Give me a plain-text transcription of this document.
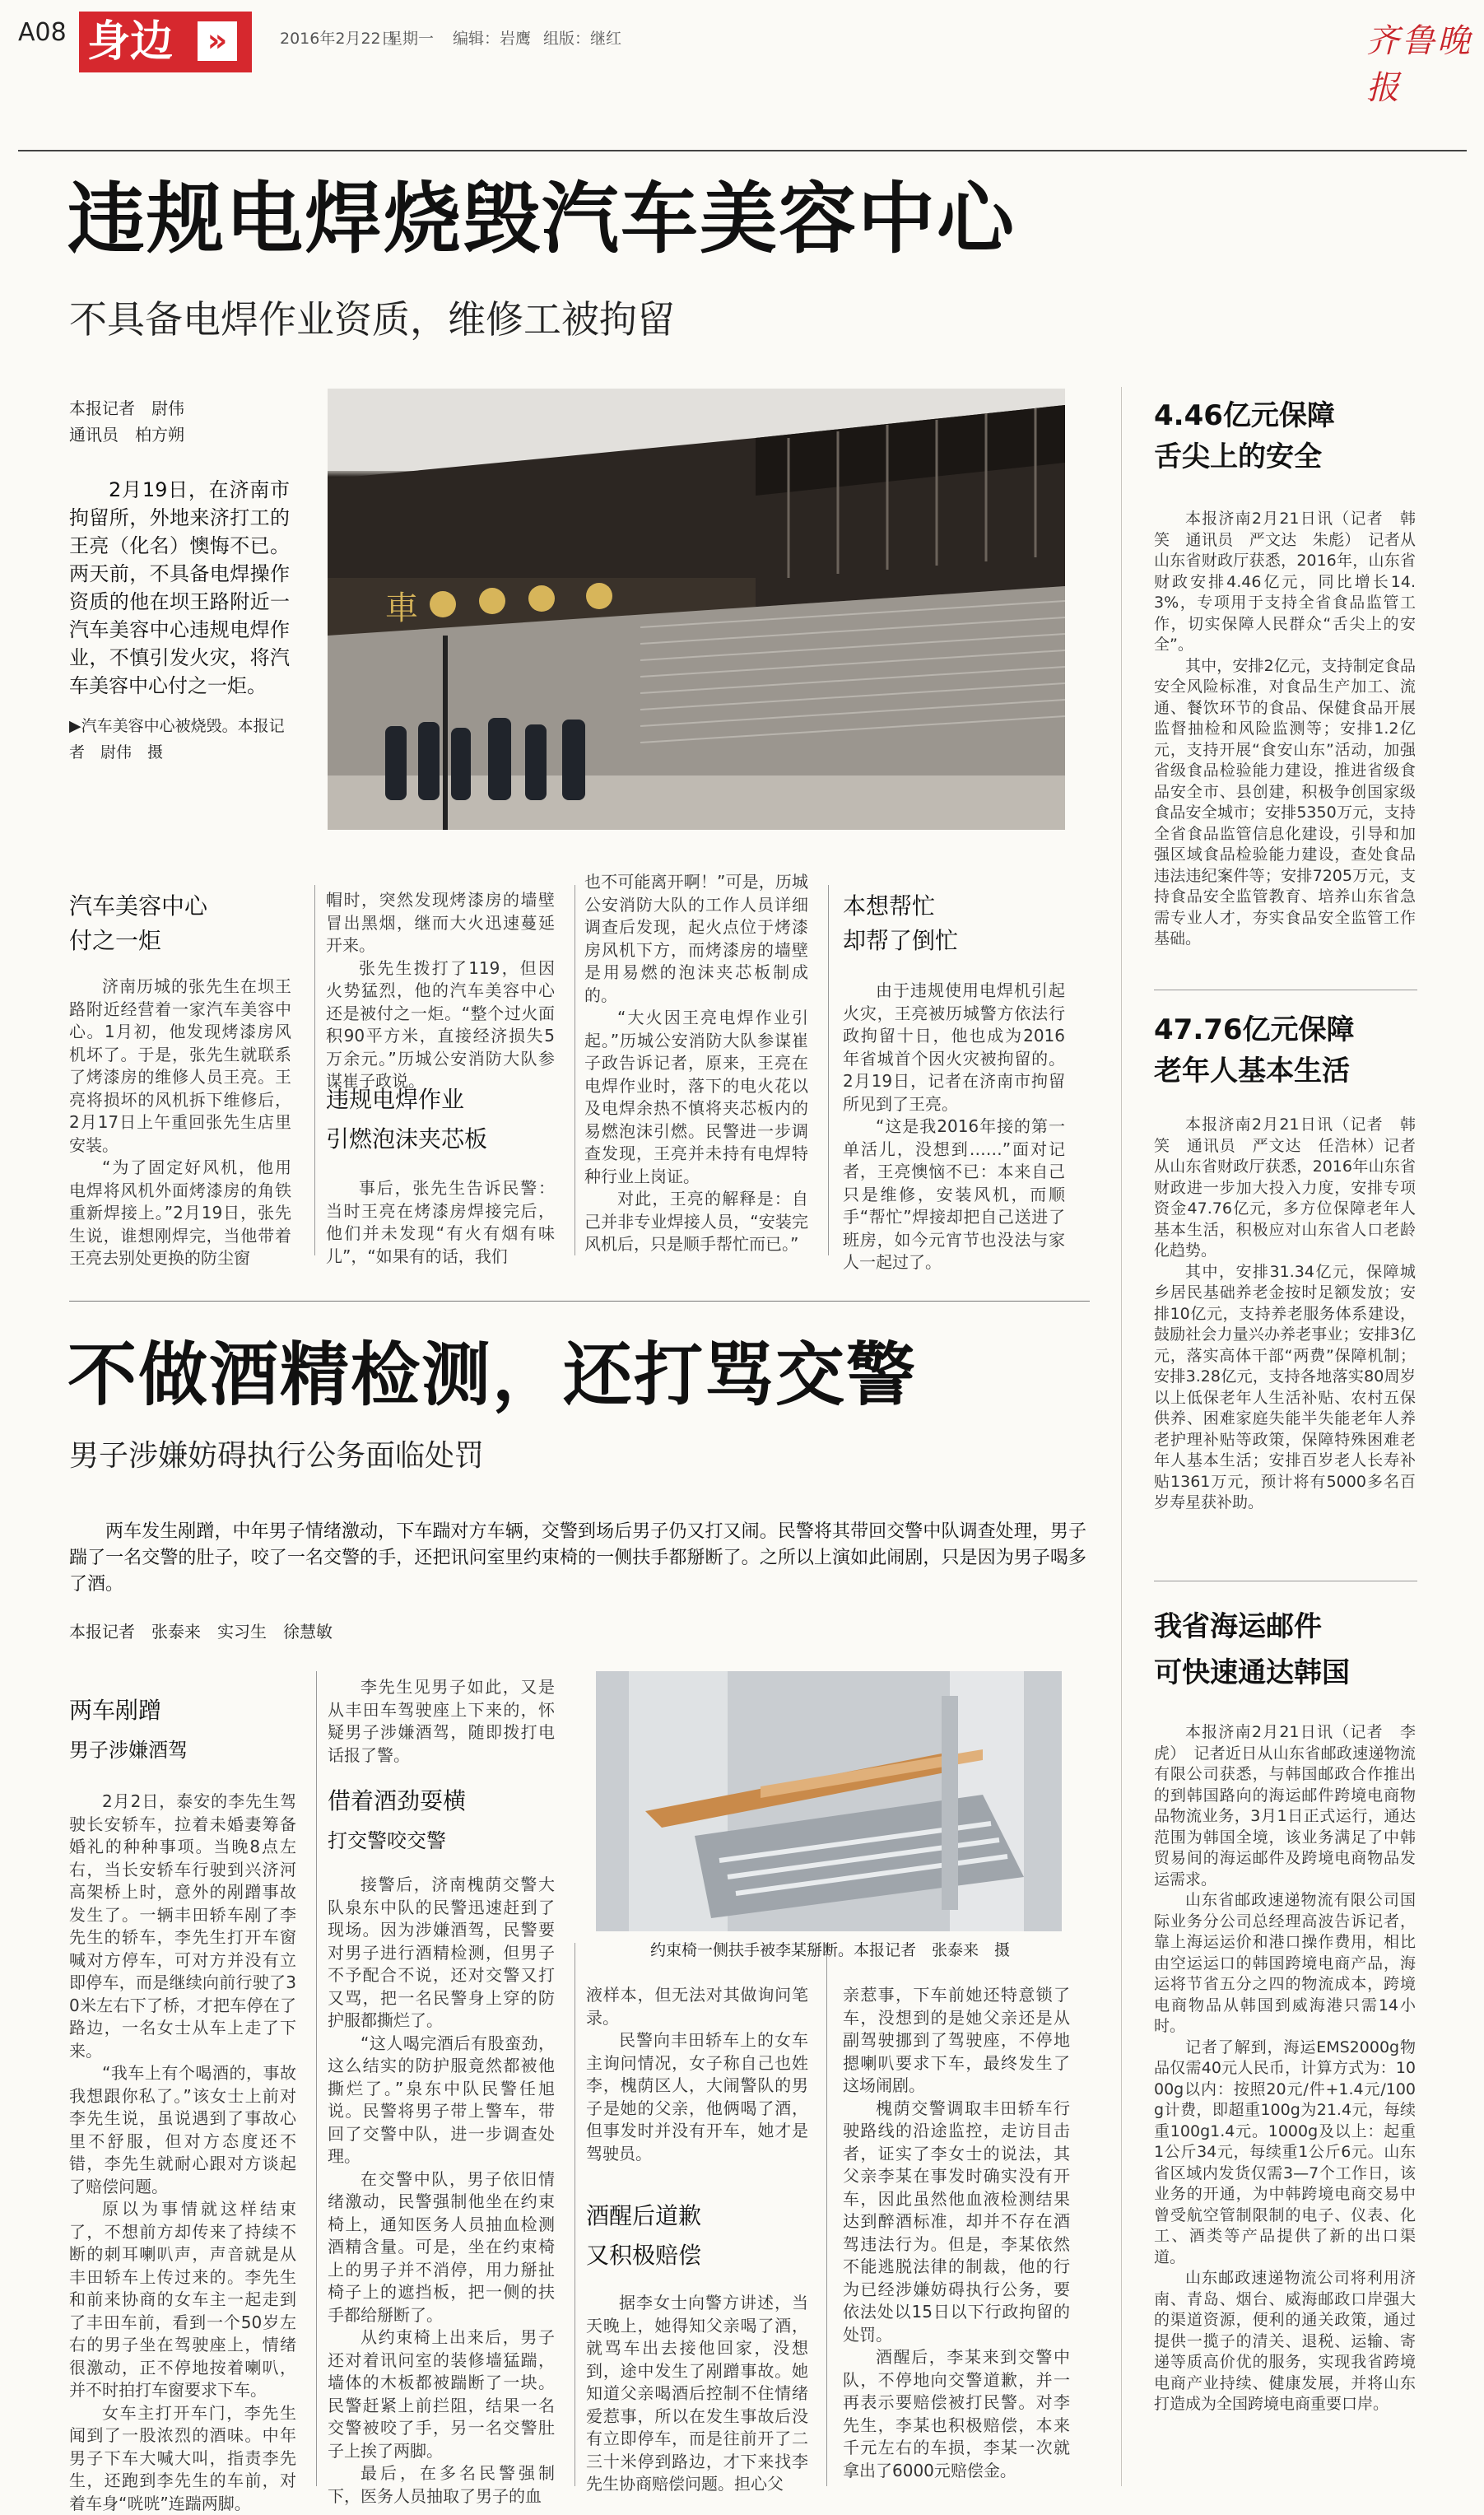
A08 身边	»	2016年2月22日
星期一 编辑：岩鹰 组版：继红	齐鲁晚报
违规电焊烧毁汽车美容中心
不具备电焊作业资质，维修工被拘留
本报记者　尉伟
通讯员　柏方朔

2月19日，在济南市拘留所，外地来济打工的王亮（化名）懊悔不已。两天前，不具备电焊操作资质的他在坝王路附近一汽车美容中心违规电焊作业，不慎引发火灾，将汽车美容中心付之一炬。

▶汽车美容中心被烧毁。本报记者　尉伟　摄
車
汽车美容中心
付之一炬

济南历城的张先生在坝王路附近经营着一家汽车美容中心。1月初，他发现烤漆房风机坏了。于是，张先生就联系了烤漆房的维修人员王亮。王亮将损坏的风机拆下维修后，2月17日上午重回张先生店里安装。

“为了固定好风机，他用电焊将风机外面烤漆房的角铁重新焊接上。”2月19日，张先生说，谁想刚焊完，当他带着王亮去别处更换的防尘窗

帽时，突然发现烤漆房的墙壁冒出黑烟，继而大火迅速蔓延开来。

张先生拨打了119，但因火势猛烈，他的汽车美容中心还是被付之一炬。“整个过火面积90平方米，直接经济损失5万余元。”历城公安消防大队参谋崔子政说。

违规电焊作业
引燃泡沫夹芯板

事后，张先生告诉民警：当时王亮在烤漆房焊接完后，他们并未发现“有火有烟有味儿”，“如果有的话，我们

也不可能离开啊！”可是，历城公安消防大队的工作人员详细调查后发现，起火点位于烤漆房风机下方，而烤漆房的墙壁是用易燃的泡沫夹芯板制成的。

“大火因王亮电焊作业引起。”历城公安消防大队参谋崔子政告诉记者，原来，王亮在电焊作业时，落下的电火花以及电焊余热不慎将夹芯板内的易燃泡沫引燃。民警进一步调查发现，王亮并未持有电焊特种行业上岗证。

对此，王亮的解释是：自己并非专业焊接人员，“安装完风机后，只是顺手帮忙而已。”

本想帮忙
却帮了倒忙

由于违规使用电焊机引起火灾，王亮被历城警方依法行政拘留十日，他也成为2016年省城首个因火灾被拘留的。2月19日，记者在济南市拘留所见到了王亮。

“这是我2016年接的第一单活儿，没想到……”面对记者，王亮懊恼不已：本来自己只是维修，安装风机，而顺手“帮忙”焊接却把自己送进了班房，如今元宵节也没法与家人一起过了。

4.46亿元保障
舌尖上的安全

本报济南2月21日讯（记者　韩笑　通讯员　严文达　朱彪）　记者从山东省财政厅获悉，2016年，山东省财政安排4.46亿元，同比增长14.3%，专项用于支持全省食品监管工作，切实保障人民群众“舌尖上的安全”。

其中，安排2亿元，支持制定食品安全风险标准，对食品生产加工、流通、餐饮环节的食品、保健食品开展监督抽检和风险监测等；安排1.2亿元，支持开展“食安山东”活动，加强省级食品检验能力建设，推进省级食品安全市、县创建，积极争创国家级食品安全城市；安排5350万元，支持全省食品监管信息化建设，引导和加强区域食品检验能力建设，查处食品违法违纪案件等；安排7205万元，支持食品安全监管教育、培养山东省急需专业人才，夯实食品安全监管工作基础。

47.76亿元保障
老年人基本生活

本报济南2月21日讯（记者　韩笑　通讯员　严文达　任浩林）记者从山东省财政厅获悉，2016年山东省财政进一步加大投入力度，安排专项资金47.76亿元，多方位保障老年人基本生活，积极应对山东省人口老龄化趋势。

其中，安排31.34亿元，保障城乡居民基础养老金按时足额发放；安排10亿元，支持养老服务体系建设，鼓励社会力量兴办养老事业；安排3亿元，落实高体干部“两费”保障机制；安排3.28亿元，支持各地落实80周岁以上低保老年人生活补贴、农村五保供养、困难家庭失能半失能老年人养老护理补贴等政策，保障特殊困难老年人基本生活；安排百岁老人长寿补贴1361万元，预计将有5000多名百岁寿星获补助。

我省海运邮件
可快速通达韩国

本报济南2月21日讯（记者　李虎）　记者近日从山东省邮政速递物流有限公司获悉，与韩国邮政合作推出的到韩国路向的海运邮件跨境电商物品物流业务，3月1日正式运行，通达范围为韩国全境，该业务满足了中韩贸易间的海运邮件及跨境电商物品发运需求。

山东省邮政速递物流有限公司国际业务分公司总经理高波告诉记者，靠上海运运价和港口操作费用，相比由空运运口的韩国跨境电商产品，海运将节省五分之四的物流成本，跨境电商物品从韩国到威海港只需14小时。

记者了解到，海运EMS2000g物品仅需40元人民币，计算方式为：1000g以内：按照20元/件+1.4元/100g计费，即超重100g为21.4元，每续重100g1.4元。1000g及以上：起重1公斤34元，每续重1公斤6元。山东省区域内发货仅需3—7个工作日，该业务的开通，为中韩跨境电商交易中曾受航空管制限制的电子、仪表、化工、酒类等产品提供了新的出口渠道。

山东邮政速递物流公司将利用济南、青岛、烟台、威海邮政口岸强大的渠道资源，便利的通关政策，通过提供一揽子的清关、退税、运输、寄递等质高价优的服务，实现我省跨境电商产业持续、健康发展，并将山东打造成为全国跨境电商重要口岸。

不做酒精检测，还打骂交警
男子涉嫌妨碍执行公务面临处罚

两车发生剐蹭，中年男子情绪激动，下车踹对方车辆，交警到场后男子仍又打又闹。民警将其带回交警中队调查处理，男子踹了一名交警的肚子，咬了一名交警的手，还把讯问室里约束椅的一侧扶手都掰断了。之所以上演如此闹剧，只是因为男子喝多了酒。

本报记者　张泰来　实习生　徐慧敏
两车剐蹭
男子涉嫌酒驾

2月2日，泰安的李先生驾驶长安轿车，拉着未婚妻筹备婚礼的种种事项。当晚8点左右，当长安轿车行驶到兴济河高架桥上时，意外的剐蹭事故发生了。一辆丰田轿车剐了李先生的轿车，李先生打开车窗喊对方停车，可对方并没有立即停车，而是继续向前行驶了30米左右下了桥，才把车停在了路边，一名女士从车上走了下来。

“我车上有个喝酒的，事故我想跟你私了。”该女士上前对李先生说，虽说遇到了事故心里不舒服，但对方态度还不错，李先生就耐心跟对方谈起了赔偿问题。

原以为事情就这样结束了，不想前方却传来了持续不断的刺耳喇叭声，声音就是从丰田轿车上传过来的。李先生和前来协商的女车主一起走到了丰田车前，看到一个50岁左右的男子坐在驾驶座上，情绪很激动，正不停地按着喇叭，并不时拍打车窗要求下车。

女车主打开车门，李先生闻到了一股浓烈的酒味。中年男子下车大喊大叫，指责李先生，还跑到李先生的车前，对着车身“咣咣”连踹两脚。

李先生见男子如此，又是从丰田车驾驶座上下来的，怀疑男子涉嫌酒驾，随即拨打电话报了警。

借着酒劲耍横
打交警咬交警

接警后，济南槐荫交警大队泉东中队的民警迅速赶到了现场。因为涉嫌酒驾，民警要对男子进行酒精检测，但男子不予配合不说，还对交警又打又骂，把一名民警身上穿的防护服都撕烂了。

“这人喝完酒后有股蛮劲，这么结实的防护服竟然都被他撕烂了。”泉东中队民警任旭说。民警将男子带上警车，带回了交警中队，进一步调查处理。

在交警中队，男子依旧情绪激动，民警强制他坐在约束椅上，通知医务人员抽血检测酒精含量。可是，坐在约束椅上的男子并不消停，用力掰扯椅子上的遮挡板，把一侧的扶手都给掰断了。

从约束椅上出来后，男子还对着讯问室的装修墙猛踹，墙体的木板都被踹断了一块。民警赶紧上前拦阻，结果一名交警被咬了手，另一名交警肚子上挨了两脚。

最后，在多名民警强制下，医务人员抽取了男子的血

约束椅一侧扶手被李某掰断。本报记者　张泰来　摄

液样本，但无法对其做询问笔录。

民警向丰田轿车上的女车主询问情况，女子称自己也姓李，槐荫区人，大闹警队的男子是她的父亲，他俩喝了酒，但事发时并没有开车，她才是驾驶员。

酒醒后道歉
又积极赔偿

据李女士向警方讲述，当天晚上，她得知父亲喝了酒，就骂车出去接他回家，没想到，途中发生了剐蹭事故。她知道父亲喝酒后控制不住情绪爱惹事，所以在发生事故后没有立即停车，而是往前开了二三十米停到路边，才下来找李先生协商赔偿问题。担心父

亲惹事，下车前她还特意锁了车，没想到的是她父亲还是从副驾驶挪到了驾驶座，不停地摁喇叭要求下车，最终发生了这场闹剧。

槐荫交警调取丰田轿车行驶路线的沿途监控，走访目击者，证实了李女士的说法，其父亲李某在事发时确实没有开车，因此虽然他血液检测结果达到醉酒标准，却并不存在酒驾违法行为。但是，李某依然不能逃脱法律的制裁，他的行为已经涉嫌妨碍执行公务，要依法处以15日以下行政拘留的处罚。

酒醒后，李某来到交警中队，不停地向交警道歉，并一再表示要赔偿被打民警。对李先生，李某也积极赔偿，本来千元左右的车损，李某一次就拿出了6000元赔偿金。
